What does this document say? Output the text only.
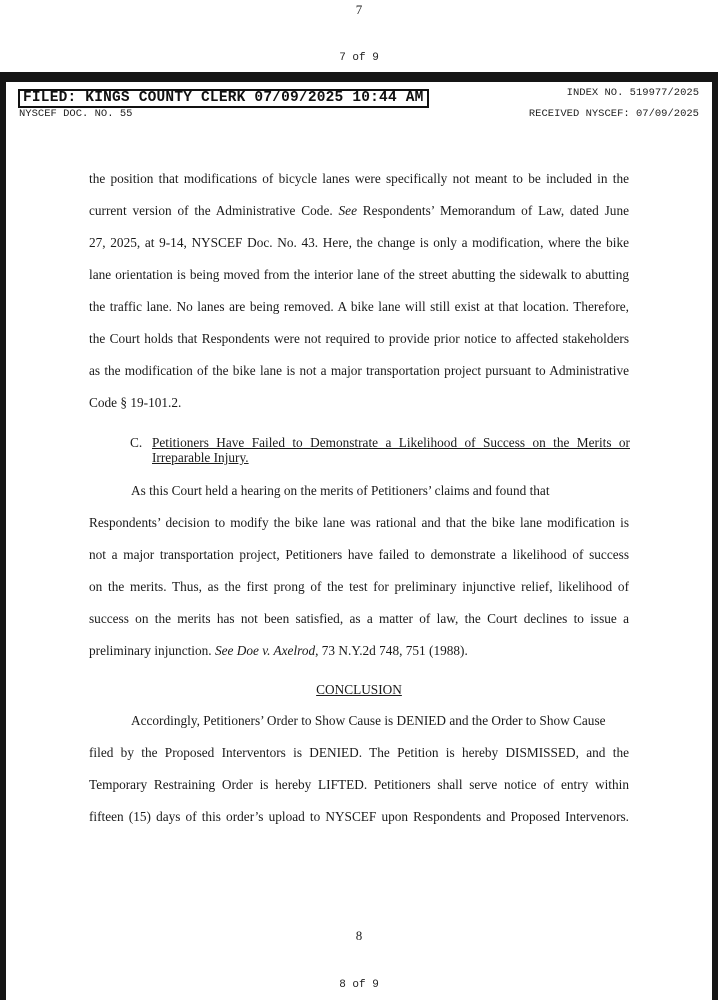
7
7 of 9
FILED: KINGS COUNTY CLERK 07/09/2025 10:44 AM	INDEX NO. 519977/2025
NYSCEF DOC. NO. 55	RECEIVED NYSCEF: 07/09/2025
the position that modifications of bicycle lanes were specifically not meant to be included in the
current version of the Administrative Code. See Respondents’ Memorandum of Law, dated June
27, 2025, at 9-14, NYSCEF Doc. No. 43. Here, the change is only a modification, where the bike
lane orientation is being moved from the interior lane of the street abutting the sidewalk to abutting
the traffic lane. No lanes are being removed. A bike lane will still exist at that location. Therefore,
the Court holds that Respondents were not required to provide prior notice to affected stakeholders
as the modification of the bike lane is not a major transportation project pursuant to Administrative
Code § 19-101.2.
C. Petitioners Have Failed to Demonstrate a Likelihood of Success on the Merits or Irreparable Injury.
As this Court held a hearing on the merits of Petitioners’ claims and found that
Respondents’ decision to modify the bike lane was rational and that the bike lane modification is
not a major transportation project, Petitioners have failed to demonstrate a likelihood of success
on the merits. Thus, as the first prong of the test for preliminary injunctive relief, likelihood of
success on the merits has not been satisfied, as a matter of law, the Court declines to issue a
preliminary injunction. See Doe v. Axelrod, 73 N.Y.2d 748, 751 (1988).
CONCLUSION
Accordingly, Petitioners’ Order to Show Cause is DENIED and the Order to Show Cause
filed by the Proposed Interventors is DENIED. The Petition is hereby DISMISSED, and the
Temporary Restraining Order is hereby LIFTED. Petitioners shall serve notice of entry within
fifteen (15) days of this order’s upload to NYSCEF upon Respondents and Proposed Intervenors.
8
8 of 9
